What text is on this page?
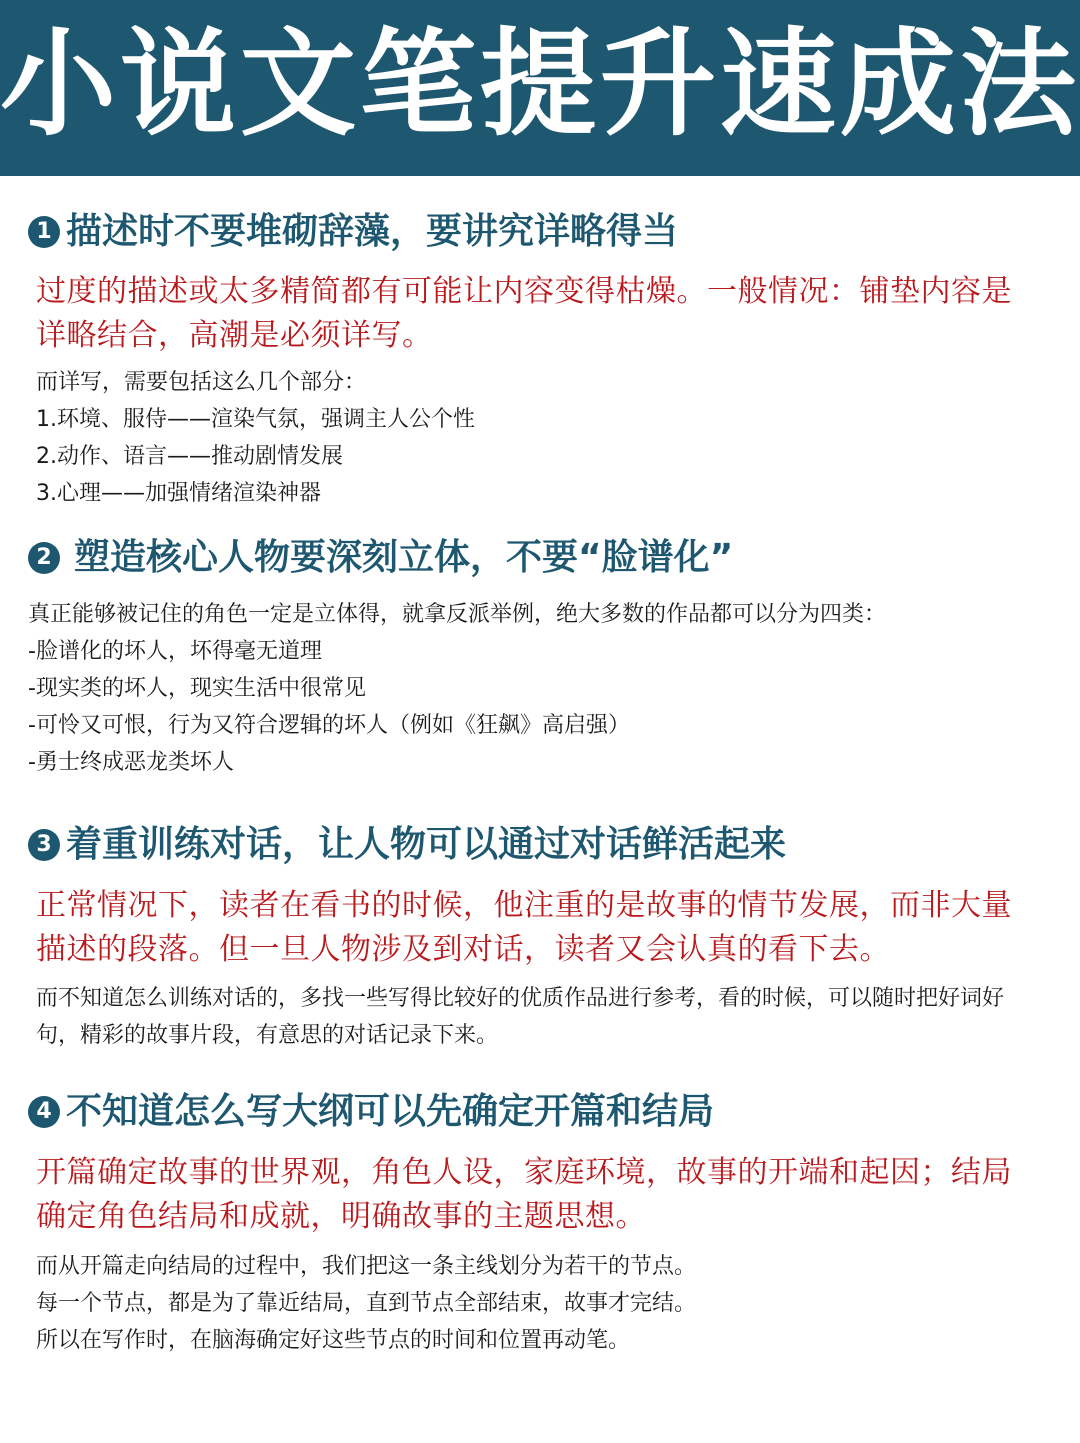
小说文笔提升速成法
1 描述时不要堆砌辞藻，要讲究详略得当
过度的描述或太多精简都有可能让内容变得枯燥。一般情况：铺垫内容是详略结合，高潮是必须详写。
而详写，需要包括这么几个部分：
1.环境、服侍——渲染气氛，强调主人公个性
2.动作、语言——推动剧情发展
3.心理——加强情绪渲染神器
2 塑造核心人物要深刻立体，不要“脸谱化”
真正能够被记住的角色一定是立体得，就拿反派举例，绝大多数的作品都可以分为四类：
-脸谱化的坏人，坏得毫无道理
-现实类的坏人，现实生活中很常见
-可怜又可恨，行为又符合逻辑的坏人（例如《狂飙》高启强）
-勇士终成恶龙类坏人
3 着重训练对话，让人物可以通过对话鲜活起来
正常情况下，读者在看书的时候，他注重的是故事的情节发展，而非大量描述的段落。但一旦人物涉及到对话，读者又会认真的看下去。
而不知道怎么训练对话的，多找一些写得比较好的优质作品进行参考，看的时候，可以随时把好词好句，精彩的故事片段，有意思的对话记录下来。
4 不知道怎么写大纲可以先确定开篇和结局
开篇确定故事的世界观，角色人设，家庭环境，故事的开端和起因；结局确定角色结局和成就，明确故事的主题思想。
而从开篇走向结局的过程中，我们把这一条主线划分为若干的节点。
每一个节点，都是为了靠近结局，直到节点全部结束，故事才完结。
所以在写作时，在脑海确定好这些节点的时间和位置再动笔。
